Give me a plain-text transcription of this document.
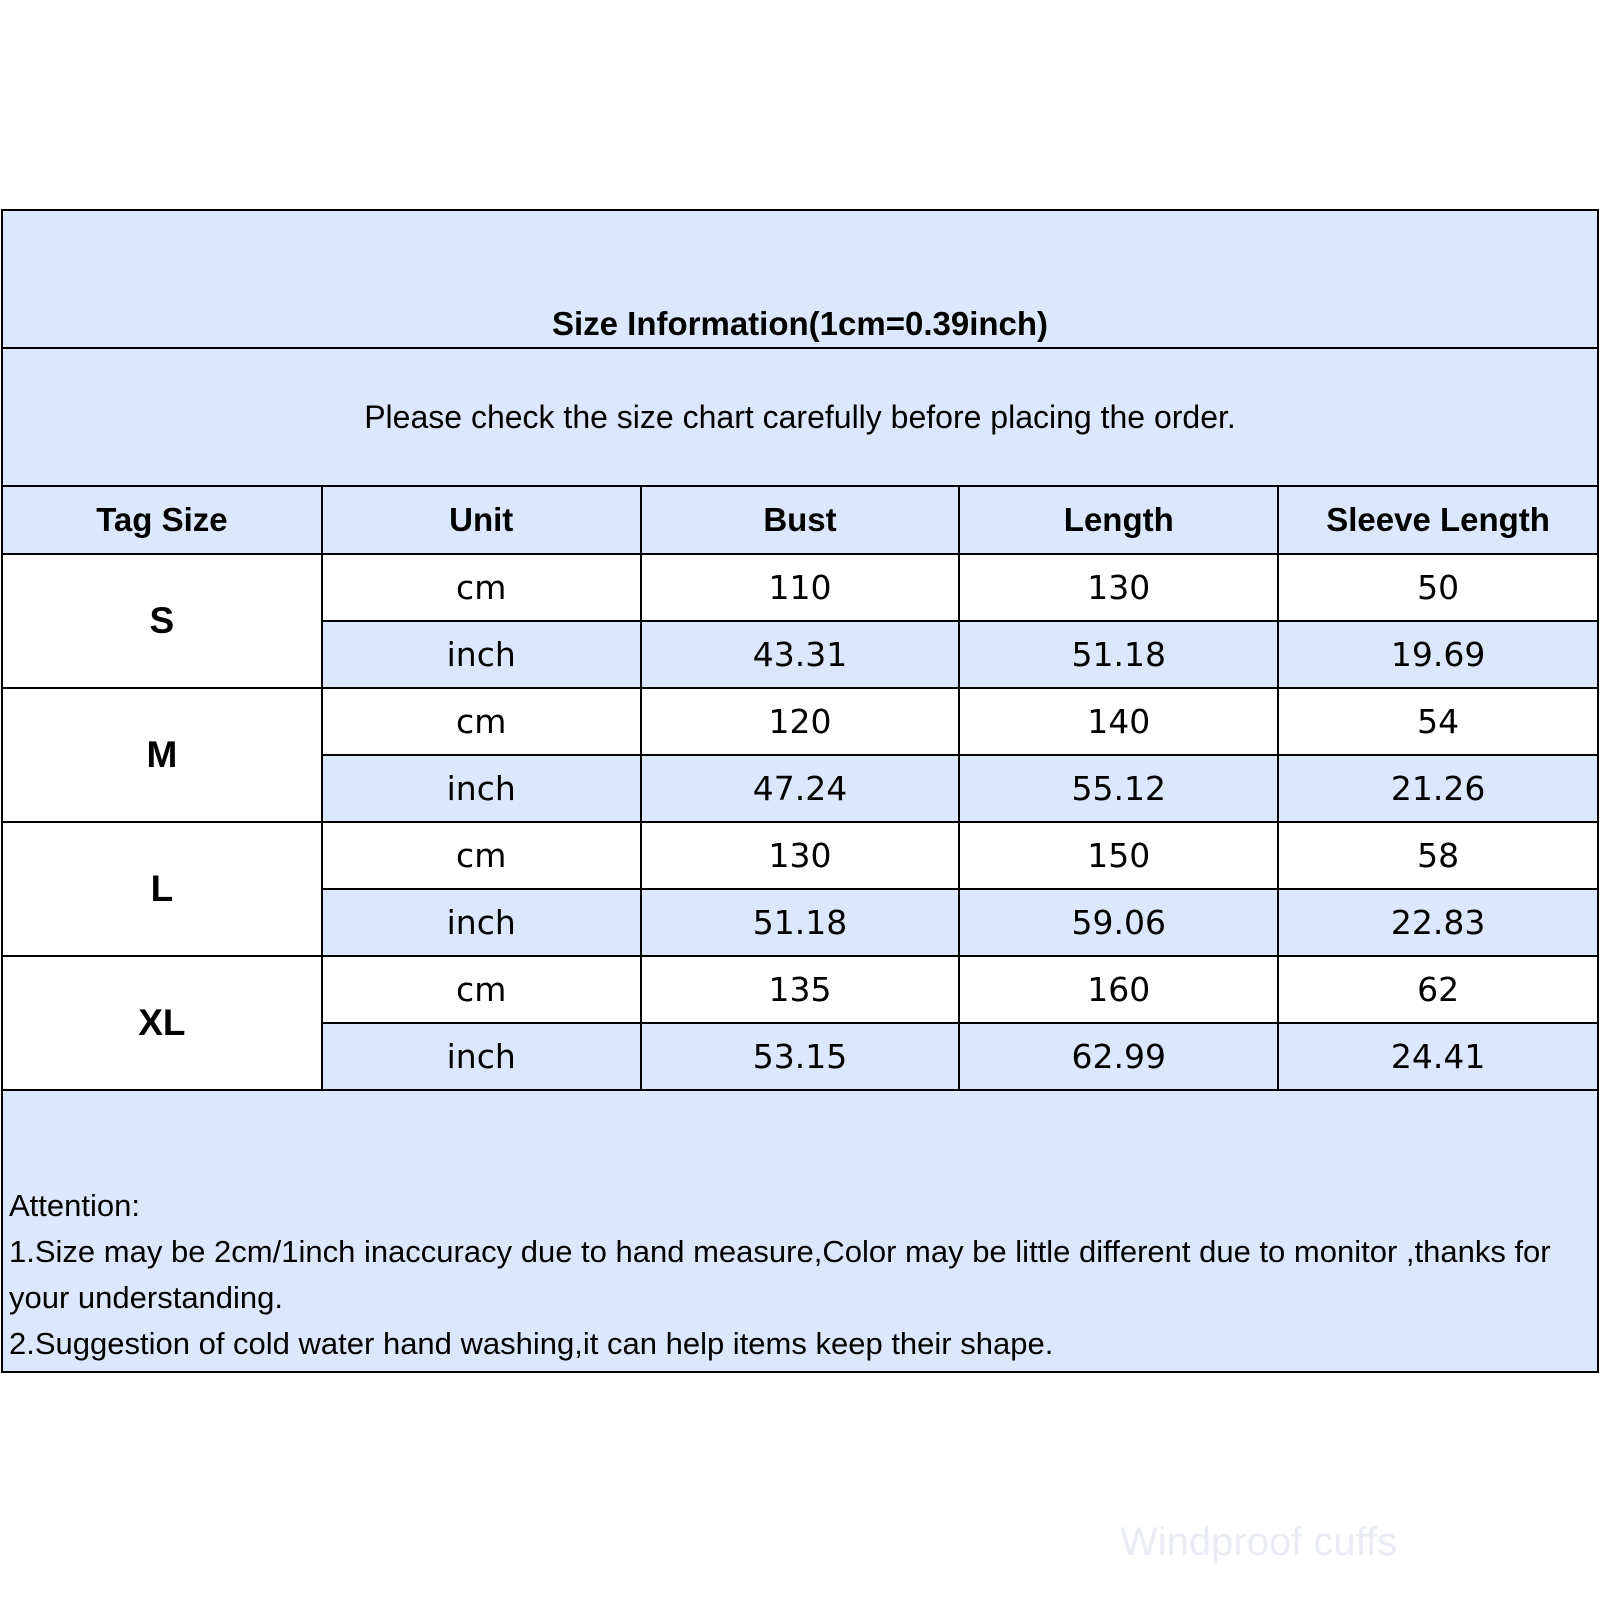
Size Information(1cm=0.39inch)
Please check the size chart carefully before placing the order.
Tag Size	Unit	Bust	Length	Sleeve Length
S	cm	110	130	50
	inch	43.31	51.18	19.69
M	cm	120	140	54
	inch	47.24	55.12	21.26
L	cm	130	150	58
	inch	51.18	59.06	22.83
XL	cm	135	160	62
	inch	53.15	62.99	24.41
Attention:
1.Size may be 2cm/1inch inaccuracy due to hand measure,Color may be little different due to monitor ,thanks for your understanding.
2.Suggestion of cold water hand washing,it can help items keep their shape.
Windproof cuffs
